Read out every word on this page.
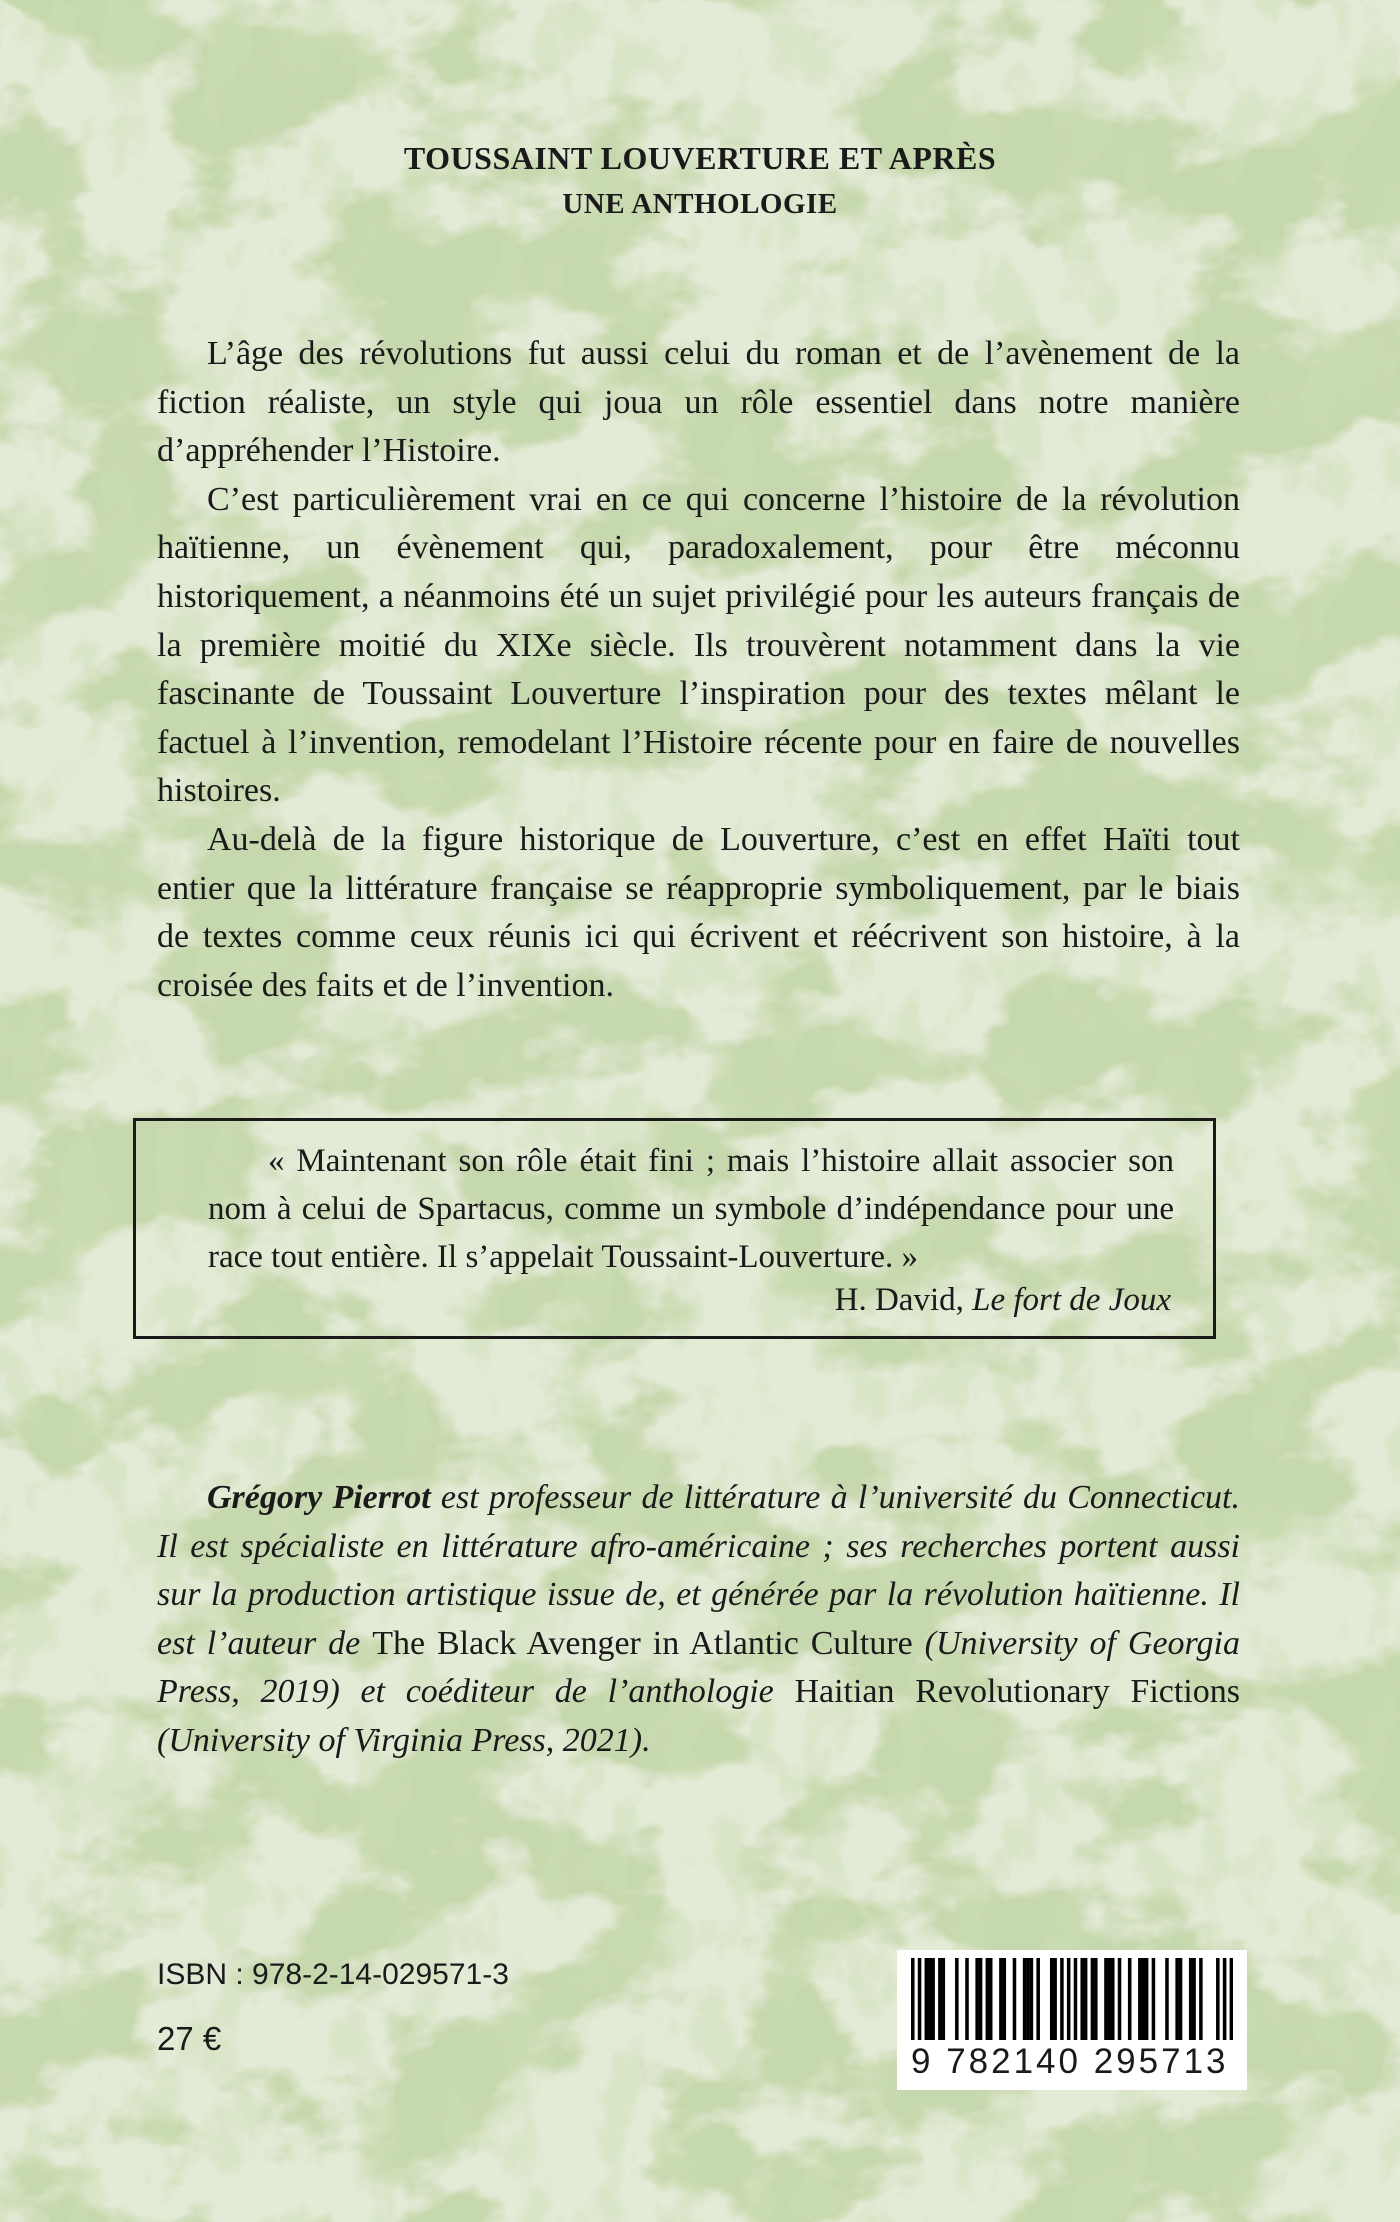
TOUSSAINT LOUVERTURE ET APRÈS
UNE ANTHOLOGIE

L’âge des révolutions fut aussi celui du roman et de l’avènement de la fiction réaliste, un style qui joua un rôle essentiel dans notre manière d’appréhender l’Histoire.

C’est particulièrement vrai en ce qui concerne l’histoire de la révolution haïtienne, un évènement qui, paradoxalement, pour être méconnu historiquement, a néanmoins été un sujet privilégié pour les auteurs français de la première moitié du XIXe siècle. Ils trouvèrent notamment dans la vie fascinante de Toussaint Louverture l’inspiration pour des textes mêlant le factuel à l’invention, remodelant l’Histoire récente pour en faire de nouvelles histoires.

Au-delà de la figure historique de Louverture, c’est en effet Haïti tout entier que la littérature française se réapproprie symboliquement, par le biais de textes comme ceux réunis ici qui écrivent et réécrivent son histoire, à la croisée des faits et de l’invention.

« Maintenant son rôle était fini ; mais l’histoire allait associer son nom à celui de Spartacus, comme un symbole d’indépendance pour une race tout entière. Il s’appelait Toussaint-Louverture. »

H. David, Le fort de Joux

Grégory Pierrot est professeur de littérature à l’université du Connecticut. Il est spécialiste en littérature afro-américaine ; ses recherches portent aussi sur la production artistique issue de, et générée par la révolution haïtienne. Il est l’auteur de The Black Avenger in Atlantic Culture (University of Georgia Press, 2019) et coéditeur de l’anthologie Haitian Revolutionary Fictions (University of Virginia Press, 2021).

ISBN : 978-2-14-029571-3

27 €

9 782140 295713
